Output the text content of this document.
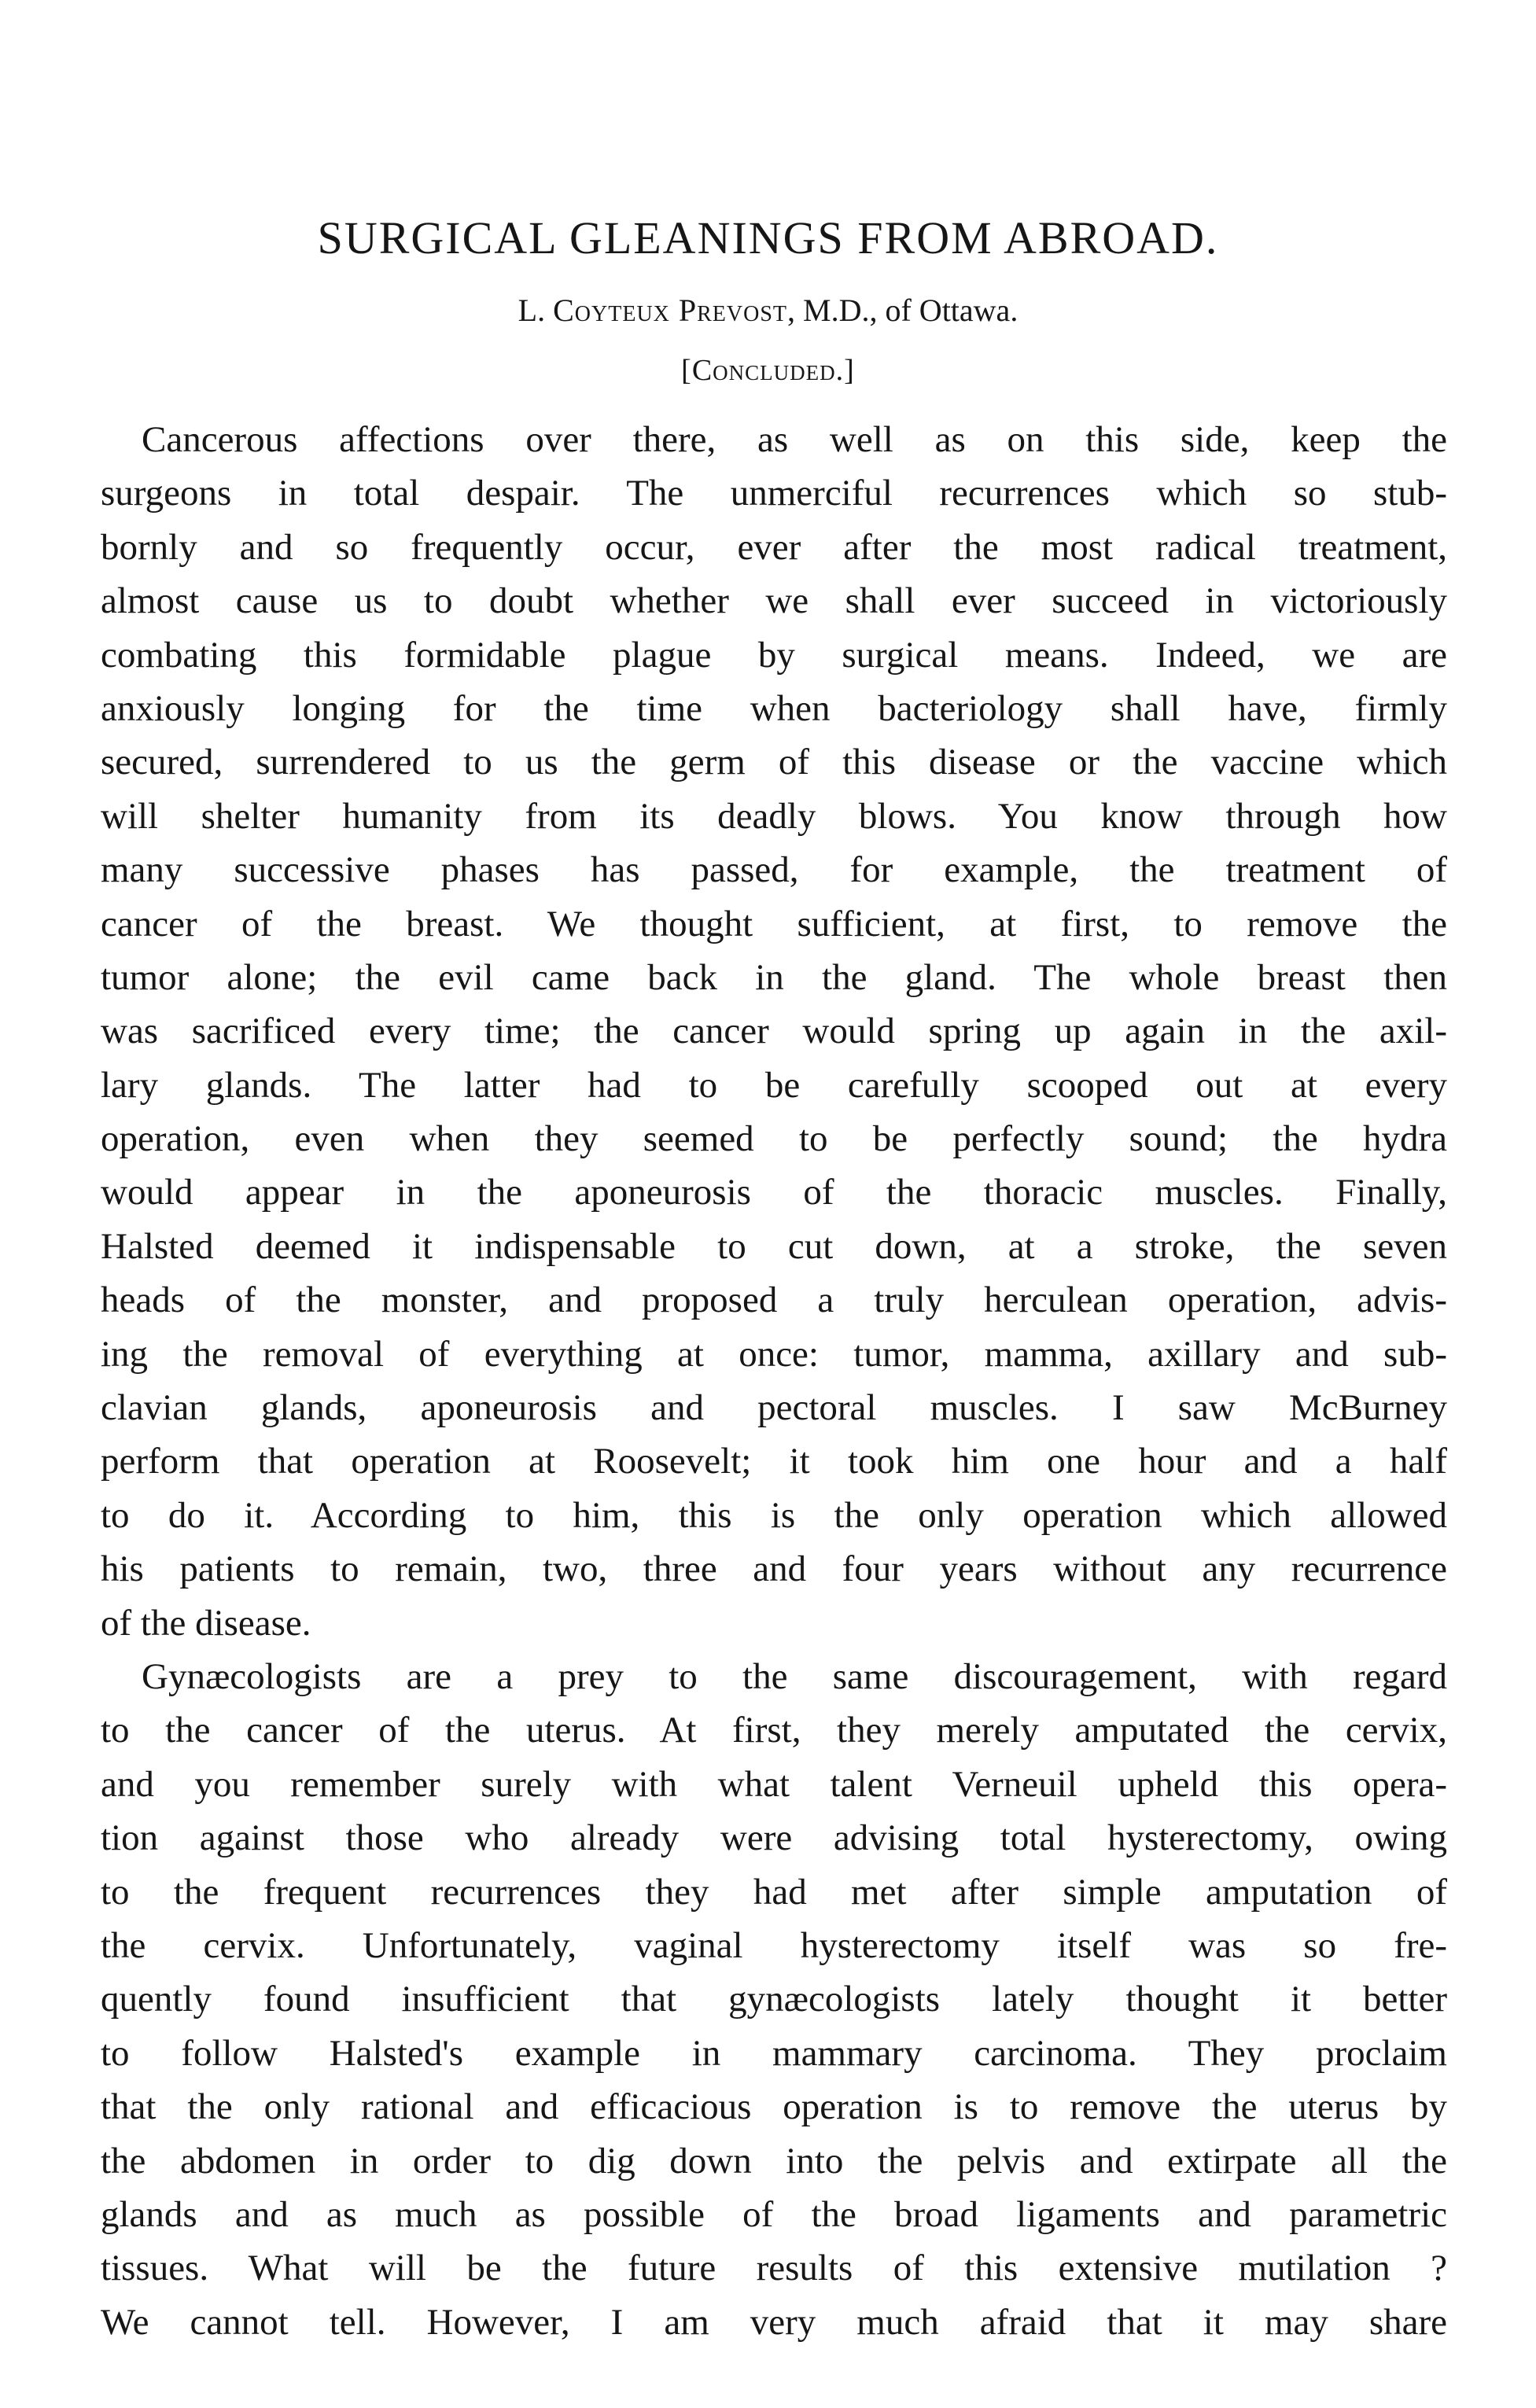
SURGICAL GLEANINGS FROM ABROAD.
L. Coyteux Prevost, M.D., of Ottawa.
[Concluded.]
Cancerous affections over there, as well as on this side, keep the
surgeons in total despair. The unmerciful recurrences which so stub-
bornly and so frequently occur, ever after the most radical treatment,
almost cause us to doubt whether we shall ever succeed in victoriously
combating this formidable plague by surgical means. Indeed, we are
anxiously longing for the time when bacteriology shall have, firmly
secured, surrendered to us the germ of this disease or the vaccine which
will shelter humanity from its deadly blows. You know through how
many successive phases has passed, for example, the treatment of
cancer of the breast. We thought sufficient, at first, to remove the
tumor alone; the evil came back in the gland. The whole breast then
was sacrificed every time; the cancer would spring up again in the axil-
lary glands. The latter had to be carefully scooped out at every
operation, even when they seemed to be perfectly sound; the hydra
would appear in the aponeurosis of the thoracic muscles. Finally,
Halsted deemed it indispensable to cut down, at a stroke, the seven
heads of the monster, and proposed a truly herculean operation, advis-
ing the removal of everything at once: tumor, mamma, axillary and sub-
clavian glands, aponeurosis and pectoral muscles. I saw McBurney
perform that operation at Roosevelt; it took him one hour and a half
to do it. According to him, this is the only operation which allowed
his patients to remain, two, three and four years without any recurrence
of the disease.
Gynæcologists are a prey to the same discouragement, with regard
to the cancer of the uterus. At first, they merely amputated the cervix,
and you remember surely with what talent Verneuil upheld this opera-
tion against those who already were advising total hysterectomy, owing
to the frequent recurrences they had met after simple amputation of
the cervix. Unfortunately, vaginal hysterectomy itself was so fre-
quently found insufficient that gynæcologists lately thought it better
to follow Halsted's example in mammary carcinoma. They proclaim
that the only rational and efficacious operation is to remove the uterus by
the abdomen in order to dig down into the pelvis and extirpate all the
glands and as much as possible of the broad ligaments and parametric
tissues. What will be the future results of this extensive mutilation ?
We cannot tell. However, I am very much afraid that it may share
